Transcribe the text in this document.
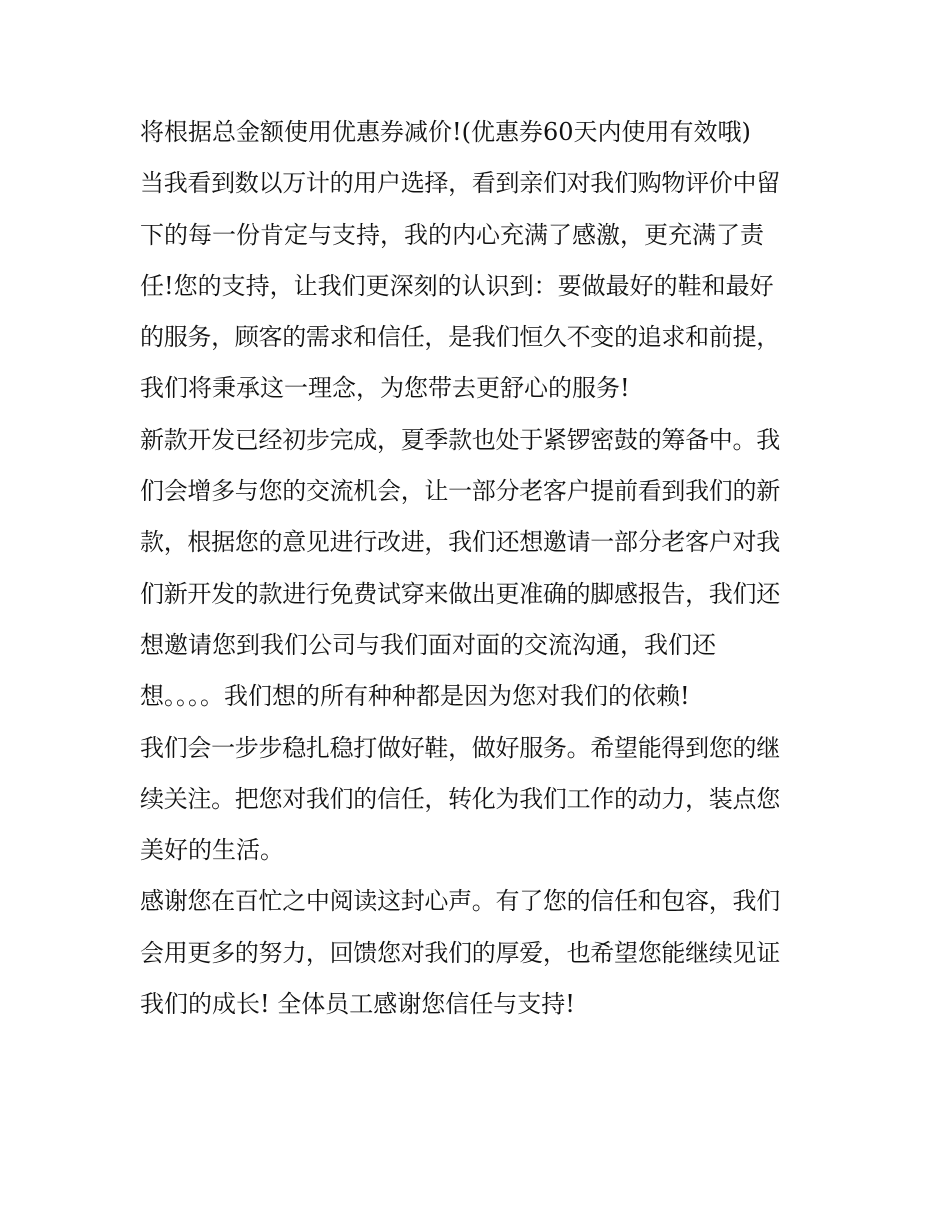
将根据总金额使用优惠券减价!(优惠券60天内使用有效哦)
当我看到数以万计的用户选择，看到亲们对我们购物评价中留
下的每一份肯定与支持，我的内心充满了感激，更充满了责
任!您的支持，让我们更深刻的认识到：要做最好的鞋和最好
的服务，顾客的需求和信任，是我们恒久不变的追求和前提，
我们将秉承这一理念，为您带去更舒心的服务!
新款开发已经初步完成，夏季款也处于紧锣密鼓的筹备中。我
们会增多与您的交流机会，让一部分老客户提前看到我们的新
款，根据您的意见进行改进，我们还想邀请一部分老客户对我
们新开发的款进行免费试穿来做出更准确的脚感报告，我们还
想邀请您到我们公司与我们面对面的交流沟通，我们还
想。。。。我们想的所有种种都是因为您对我们的依赖!
我们会一步步稳扎稳打做好鞋，做好服务。希望能得到您的继
续关注。把您对我们的信任，转化为我们工作的动力，装点您
美好的生活。
感谢您在百忙之中阅读这封心声。有了您的信任和包容，我们
会用更多的努力，回馈您对我们的厚爱，也希望您能继续见证
我们的成长! 全体员工感谢您信任与支持!
